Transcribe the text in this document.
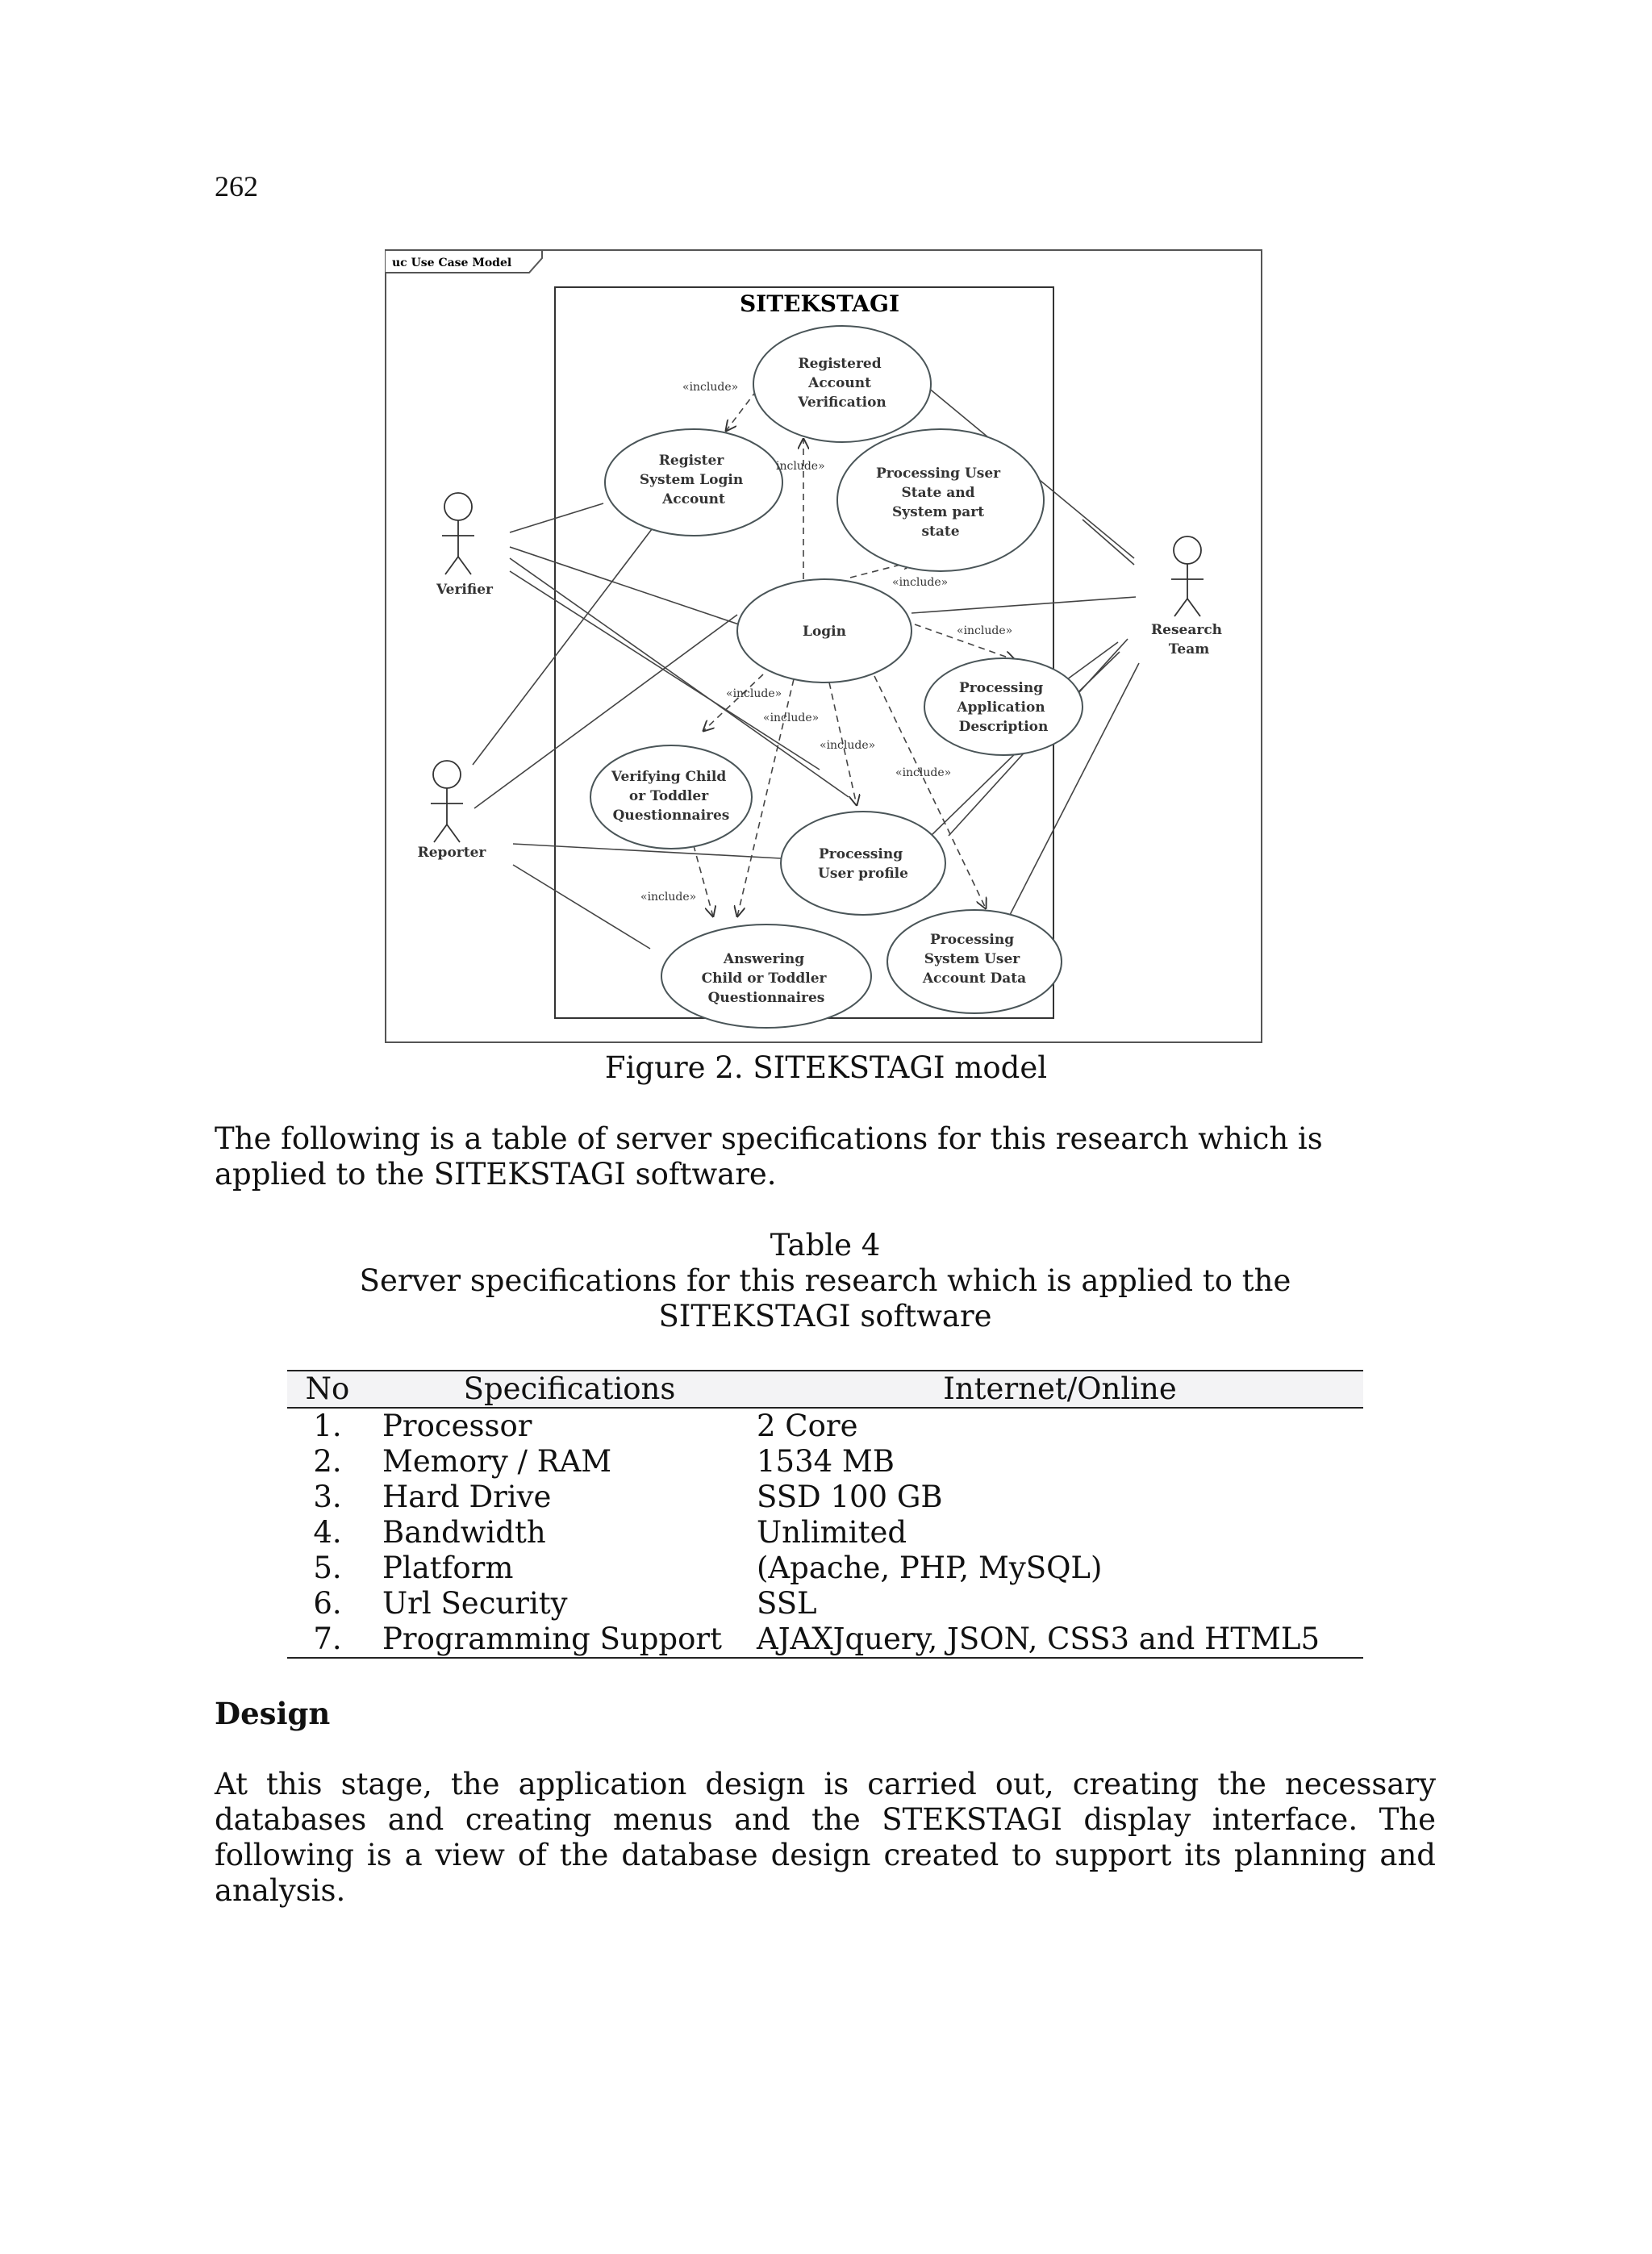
262
uc Use Case Model
SITEKSTAGI
Registered Account Verification
Register System Login Account
Processing User State and System part state
Login
Processing Application Description
Verifying Child or Toddler Questionnaires
Processing User profile
Answering Child or Toddler Questionnaires
Processing System User Account Data
«include»
include»
«include»
«include»
«include»
«include»
«include»
«include»
«include»
Verifier
Reporter
Research Team
Figure 2. SITEKSTAGI model
The following is a table of server specifications for this research which is applied to the SITEKSTAGI software.
Table 4
Server specifications for this research which is applied to the SITEKSTAGI software
No	Specifications	Internet/Online
1.	Processor	2 Core
2.	Memory / RAM	1534 MB
3.	Hard Drive	SSD 100 GB
4.	Bandwidth	Unlimited
5.	Platform	(Apache, PHP, MySQL)
6.	Url Security	SSL
7.	Programming Support	AJAXJquery, JSON, CSS3 and HTML5
Design
At this stage, the application design is carried out, creating the necessary databases and creating menus and the STEKSTAGI display interface. The following is a view of the database design created to support its planning and analysis.
